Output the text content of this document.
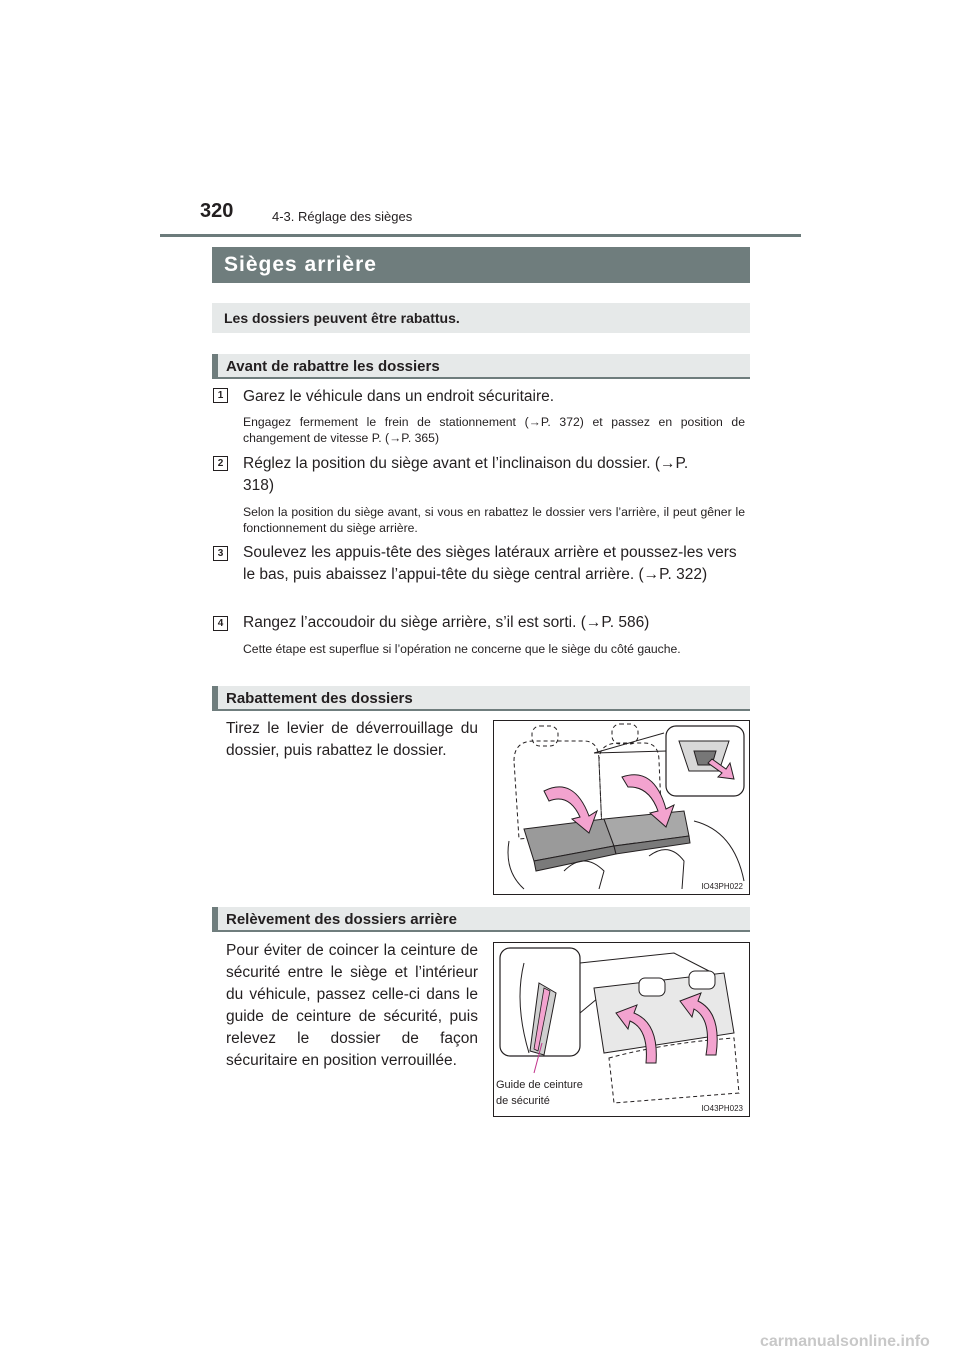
320	4-3. Réglage des sièges
Sièges arrière
Les dossiers peuvent être rabattus.
Avant de rabattre les dossiers
1	Garez le véhicule dans un endroit sécuritaire.
Engagez fermement le frein de stationnement (→P. 372) et passez en position de changement de vitesse P. (→P. 365)
2	Réglez la position du siège avant et l’inclinaison du dossier. (→P. 318)
Selon la position du siège avant, si vous en rabattez le dossier vers l’arrière, il peut gêner le fonctionnement du siège arrière.
3	Soulevez les appuis-tête des sièges latéraux arrière et poussez-les vers le bas, puis abaissez l’appui-tête du siège central arrière. (→P. 322)
4	Rangez l’accoudoir du siège arrière, s’il est sorti. (→P. 586)
Cette étape est superflue si l’opération ne concerne que le siège du côté gauche.
Rabattement des dossiers
Tirez le levier de déverrouillage du dossier, puis rabattez le dossier.
IO43PH022
Relèvement des dossiers arrière
Pour éviter de coincer la ceinture de sécurité entre le siège et l’intérieur du véhicule, passez celle-ci dans le guide de ceinture de sécurité, puis relevez le dossier de façon sécuritaire en position verrouillée.
Guide de ceinture
de sécurité
IO43PH023
carmanualsonline.info
